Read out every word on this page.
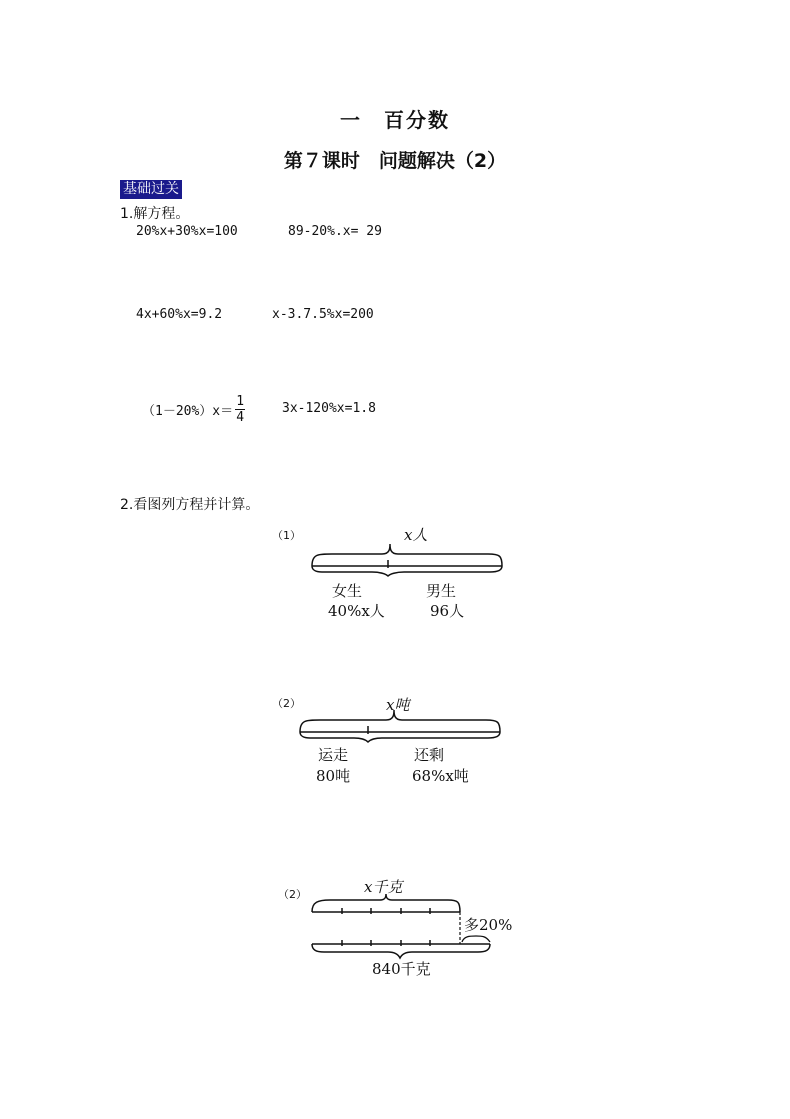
一　百分数
第７课时　问题解决（2）
基础过关
1.解方程。
20%x+30%x=100	89-20%.x= 29
4x+60%x=9.2	x-3.7.5%x=200
$(1-20\%)x= \frac{1}{4}$	3x-120%x=1.8
2.看图列方程并计算。
（1）	x人
女生
40%x人
男生
96人
（2）	x吨
运走
80吨
还剩
68%x吨
（2）	x千克
多20%
840千克
